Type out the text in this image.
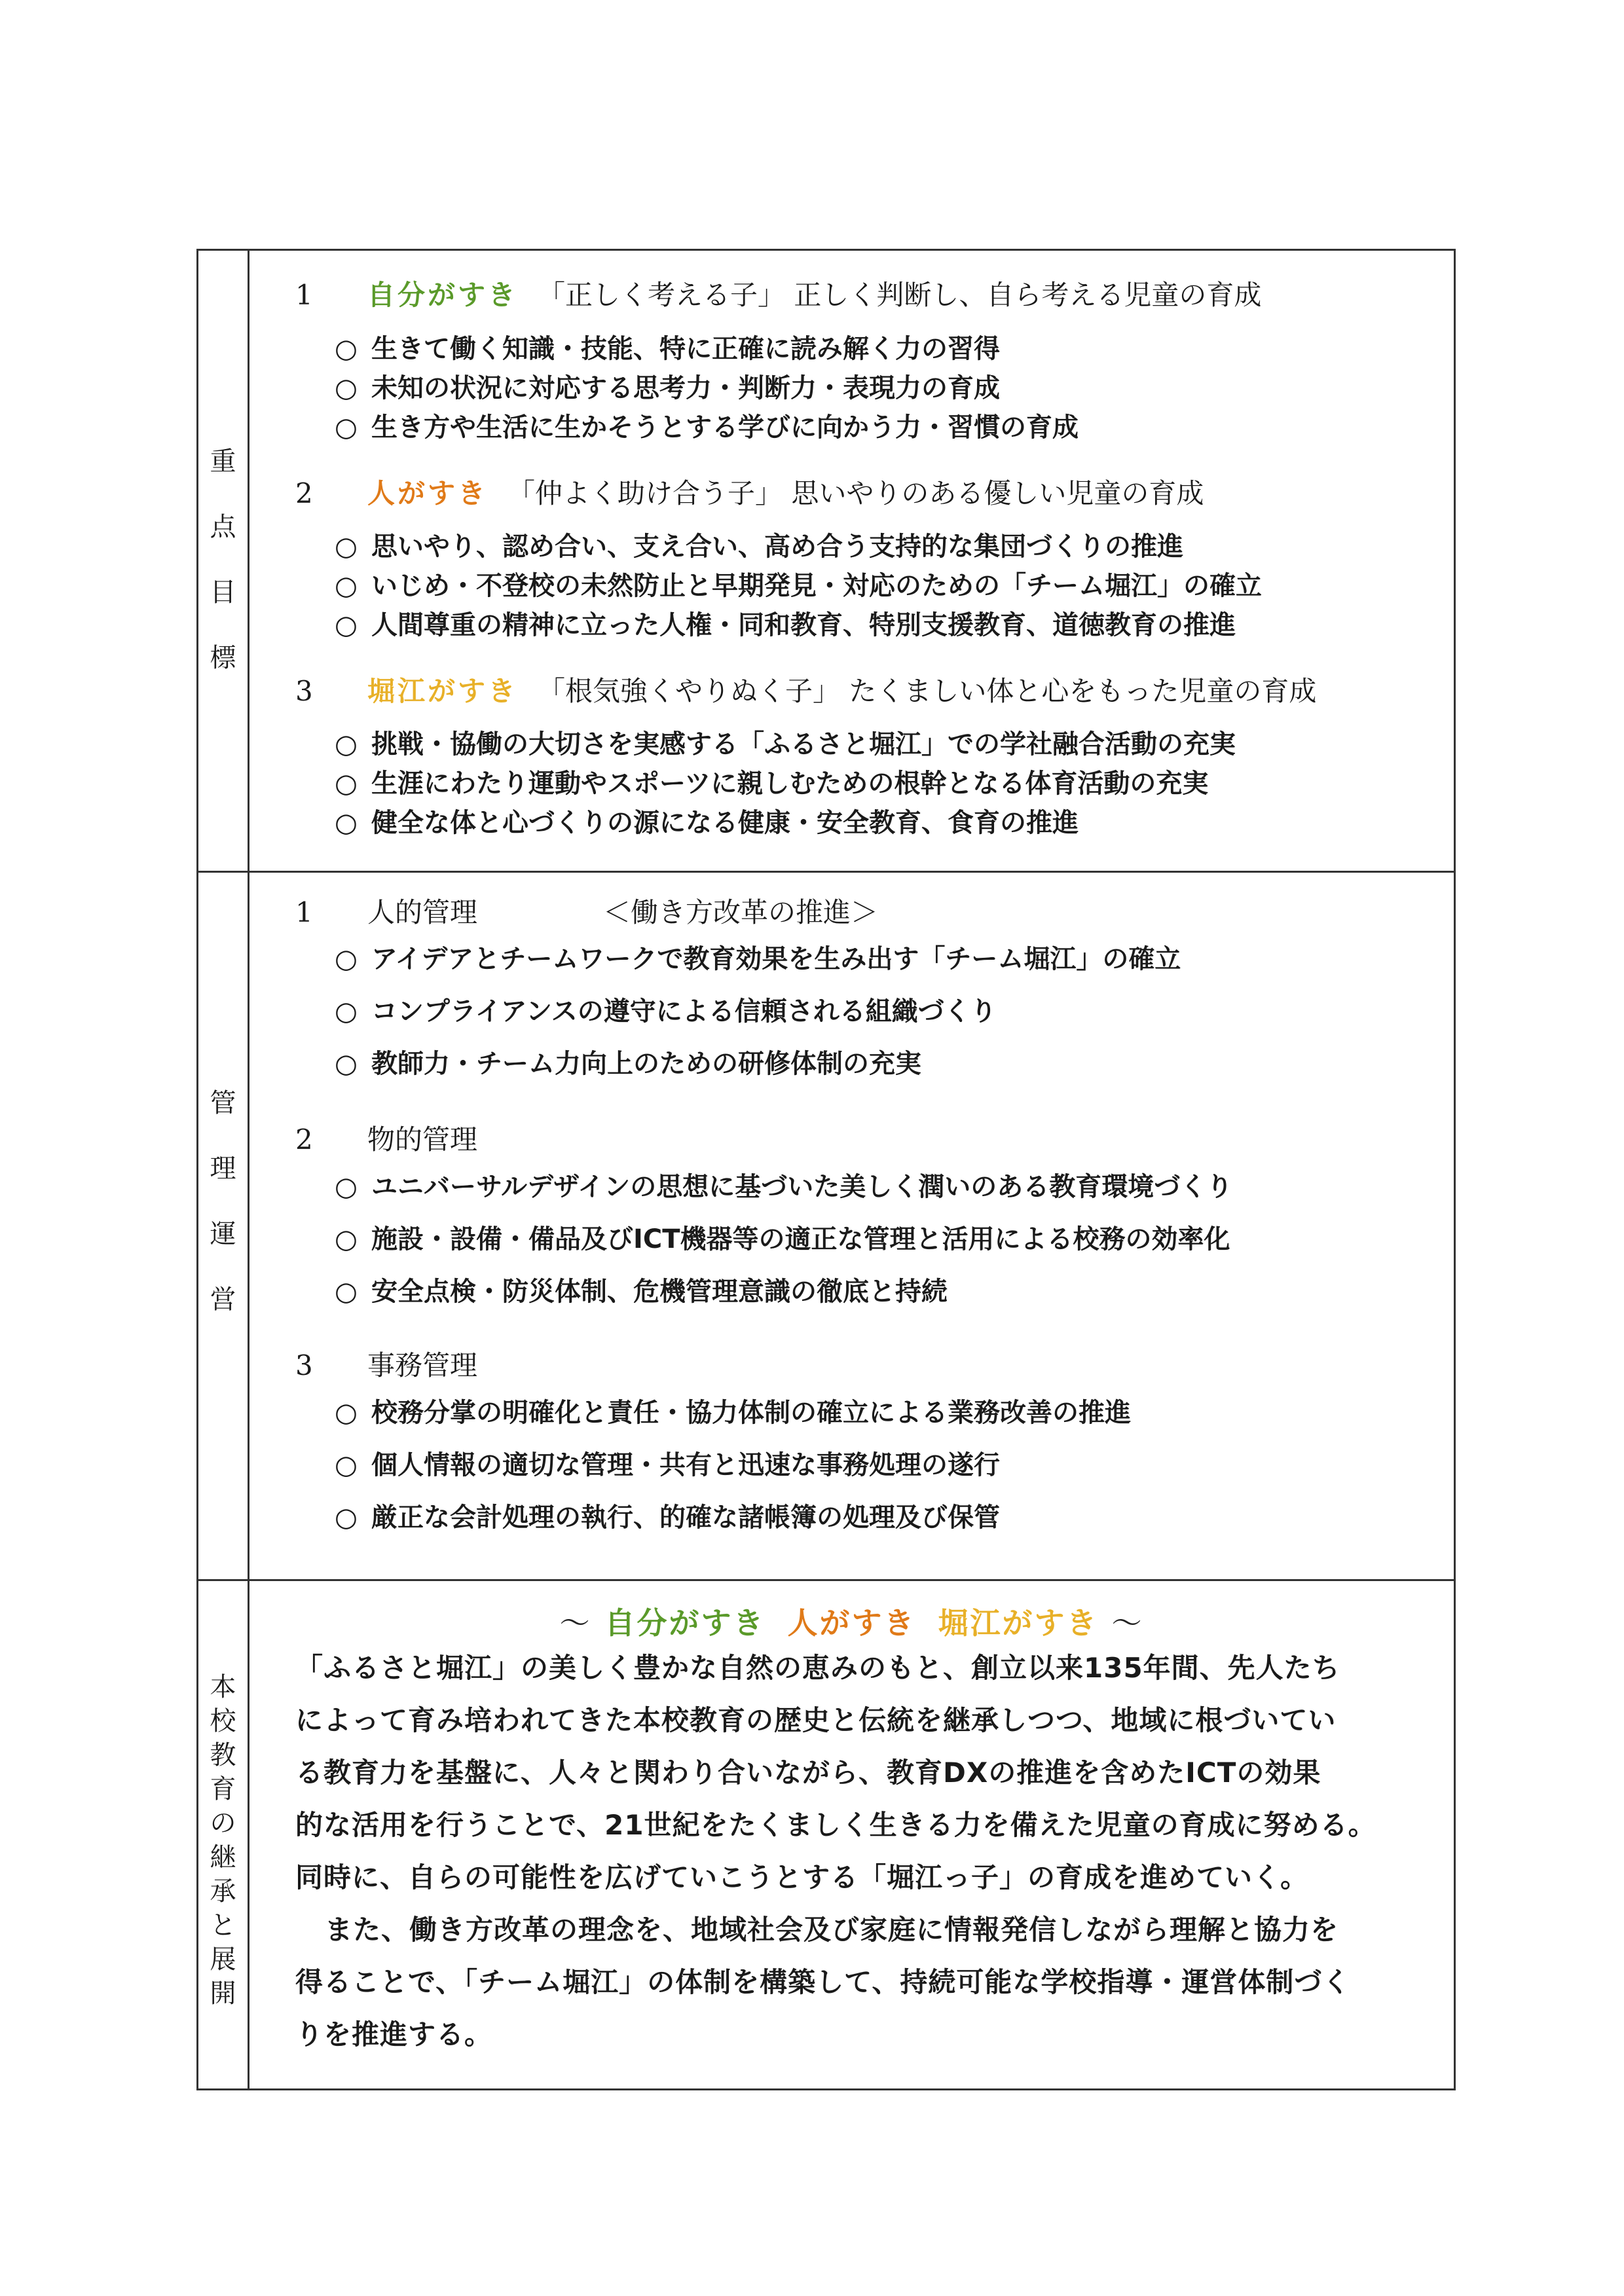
重
点
目
標
1 自分がすき 「正しく考える子」 正しく判断し、自ら考える児童の育成
○ 生きて働く知識・技能、特に正確に読み解く力の習得
○ 未知の状況に対応する思考力・判断力・表現力の育成
○ 生き方や生活に生かそうとする学びに向かう力・習慣の育成
2 人がすき 「仲よく助け合う子」 思いやりのある優しい児童の育成
○ 思いやり、認め合い、支え合い、高め合う支持的な集団づくりの推進
○ いじめ・不登校の未然防止と早期発見・対応のための「チーム堀江」の確立
○ 人間尊重の精神に立った人権・同和教育、特別支援教育、道徳教育の推進
3 堀江がすき 「根気強くやりぬく子」 たくましい体と心をもった児童の育成
○ 挑戦・協働の大切さを実感する「ふるさと堀江」での学社融合活動の充実
○ 生涯にわたり運動やスポーツに親しむための根幹となる体育活動の充実
○ 健全な体と心づくりの源になる健康・安全教育、食育の推進
管
理
運
営
1 人的管理	＜働き方改革の推進＞
○ アイデアとチームワークで教育効果を生み出す「チーム堀江」の確立
○ コンプライアンスの遵守による信頼される組織づくり
○ 教師力・チーム力向上のための研修体制の充実
2 物的管理
○ ユニバーサルデザインの思想に基づいた美しく潤いのある教育環境づくり
○ 施設・設備・備品及びICT機器等の適正な管理と活用による校務の効率化
○ 安全点検・防災体制、危機管理意識の徹底と持続
3 事務管理
○ 校務分掌の明確化と責任・協力体制の確立による業務改善の推進
○ 個人情報の適切な管理・共有と迅速な事務処理の遂行
○ 厳正な会計処理の執行、的確な諸帳簿の処理及び保管
本
校
教
育
の
継
承
と
展
開
～ 自分がすき 人がすき 堀江がすき ～
「ふるさと堀江」の美しく豊かな自然の恵みのもと、創立以来135年間、先人たち
によって育み培われてきた本校教育の歴史と伝統を継承しつつ、地域に根づいてい
る教育力を基盤に、人々と関わり合いながら、教育DXの推進を含めたICTの効果
的な活用を行うことで、21世紀をたくましく生きる力を備えた児童の育成に努める。
同時に、自らの可能性を広げていこうとする「堀江っ子」の育成を進めていく。
また、働き方改革の理念を、地域社会及び家庭に情報発信しながら理解と協力を
得ることで、「チーム堀江」の体制を構築して、持続可能な学校指導・運営体制づく
りを推進する。
